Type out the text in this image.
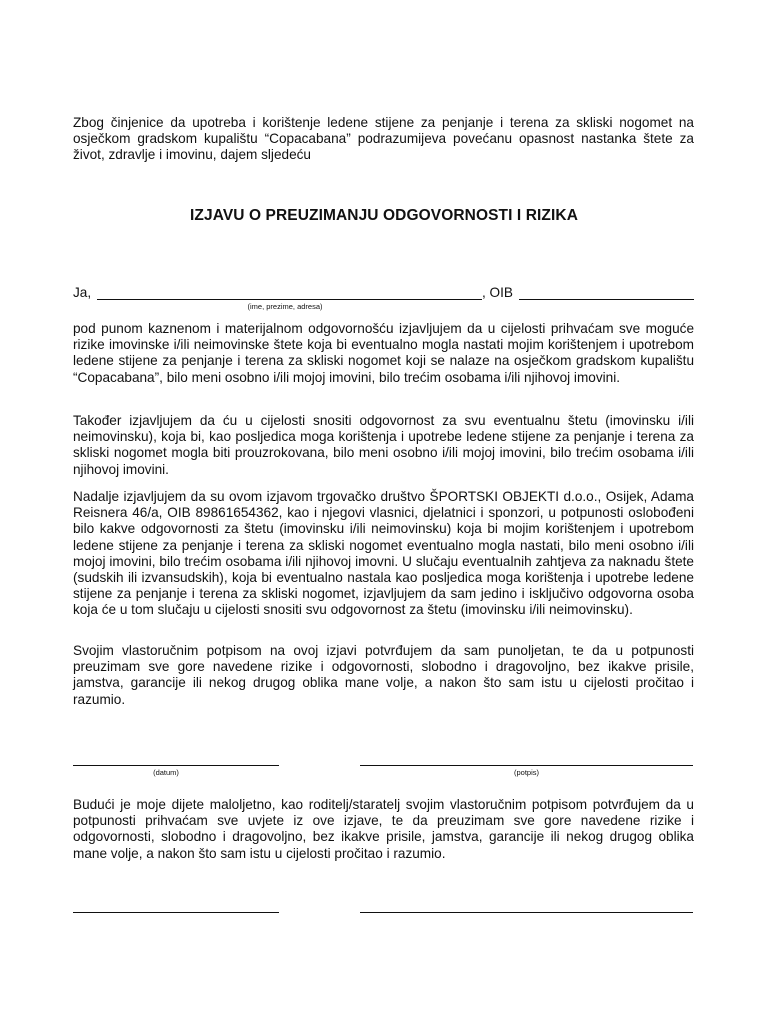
Zbog činjenice da upotreba i korištenje ledene stijene za penjanje i terena za skliski nogomet na osječkom gradskom kupalištu “Copacabana” podrazumijeva povećanu opasnost nastanka štete za život, zdravlje i imovinu, dajem sljedeću

IZJAVU O PREUZIMANJU ODGOVORNOSTI I RIZIKA
Ja,	, OIB
(ime, prezime, adresa)

pod punom kaznenom i materijalnom odgovornošću izjavljujem da u cijelosti prihvaćam sve moguće rizike imovinske i/ili neimovinske štete koja bi eventualno mogla nastati mojim korištenjem i upotrebom ledene stijene za penjanje i terena za skliski nogomet koji se nalaze na osječkom gradskom kupalištu “Copacabana”, bilo meni osobno i/ili mojoj imovini, bilo trećim osobama i/ili njihovoj imovini.

Također izjavljujem da ću u cijelosti snositi odgovornost za svu eventualnu štetu (imovinsku i/ili neimovinsku), koja bi, kao posljedica moga korištenja i upotrebe ledene stijene za penjanje i terena za skliski nogomet mogla biti prouzrokovana, bilo meni osobno i/ili mojoj imovini, bilo trećim osobama i/ili njihovoj imovini.

Nadalje izjavljujem da su ovom izjavom trgovačko društvo ŠPORTSKI OBJEKTI d.o.o., Osijek, Adama Reisnera 46/a, OIB 89861654362, kao i njegovi vlasnici, djelatnici i sponzori, u potpunosti oslobođeni bilo kakve odgovornosti za štetu (imovinsku i/ili neimovinsku) koja bi mojim korištenjem i upotrebom ledene stijene za penjanje i terena za skliski nogomet eventualno mogla nastati, bilo meni osobno i/ili mojoj imovini, bilo trećim osobama i/ili njihovoj imovni. U slučaju eventualnih zahtjeva za naknadu štete (sudskih ili izvansudskih), koja bi eventualno nastala kao posljedica moga korištenja i upotrebe ledene stijene za penjanje i terena za skliski nogomet, izjavljujem da sam jedino i isključivo odgovorna osoba koja će u tom slučaju u cijelosti snositi svu odgovornost za štetu (imovinsku i/ili neimovinsku).

Svojim vlastoručnim potpisom na ovoj izjavi potvrđujem da sam punoljetan, te da u potpunosti preuzimam sve gore navedene rizike i odgovornosti, slobodno i dragovoljno, bez ikakve prisile, jamstva, garancije ili nekog drugog oblika mane volje, a nakon što sam istu u cijelosti pročitao i razumio.

(datum)	(potpis)

Budući je moje dijete maloljetno, kao roditelj/staratelj svojim vlastoručnim potpisom potvrđujem da u potpunosti prihvaćam sve uvjete iz ove izjave, te da preuzimam sve gore navedene rizike i odgovornosti, slobodno i dragovoljno, bez ikakve prisile, jamstva, garancije ili nekog drugog oblika mane volje, a nakon što sam istu u cijelosti pročitao i razumio.
